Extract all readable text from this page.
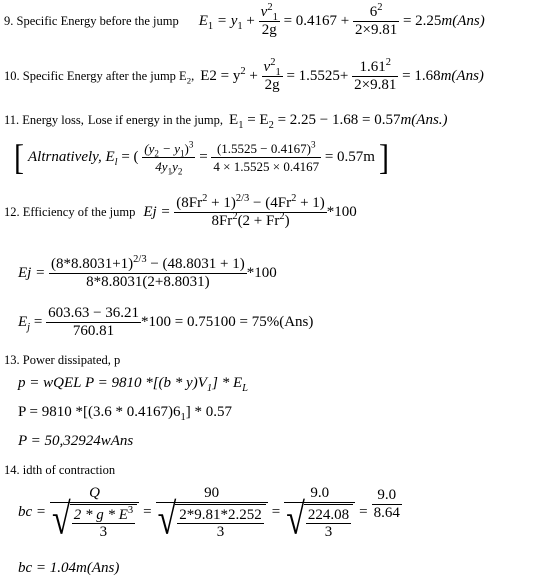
9. Specific Energy before the jump $E_1 = y_1 + \frac{v^2_1}{2g} = 0.4167 + \frac{6^2}{2\times 9.81} = 2.25m(Ans)$
10. Specific Energy after the jump $E_2$, $E2 = y^2 + \frac{v^2_1}{2g} = 1.5525+ \frac{1.61^2}{2\times 9.81} = 1.68m(Ans)$
11. Energy loss, Lose if energy in the jump, $E_1 = E_2 = 2.25 - 1.68 = 0.57m(Ans.)$
[ Altrnatively, $E_l$ = ( $\frac{(y_2 - y_1)^3}{4y_1y_2} = \frac{(1.5525 - 0.4167)^3}{4 \times 1.5525 \times 0.4167} = 0.57m$ ]
12. Efficiency of the jump $Ej = \frac{(8Fr^2 + 1)^{2/3} - (4Fr^2 + 1)}{8Fr^2(2 + Fr^2)} *100$
$Ej = \frac{(8*8.8031+1)^{2/3} - (48.8031 + 1)}{8*8.8031(2+8.8031)} *100$
$E_j = \frac{603.63 - 36.21}{760.81} *100 = 0.75100 = 75\%(Ans)$
13. Power dissipated, p
p = wQEL P = 9810 $*[(b * y)V_1] * E_L$
P = 9810 $*[(3.6 * 0.4167)6_1] * 0.57$
P = 50,32924wAns
14. idth of contraction
bc = $\frac{Q}{√ \frac{2 * g * E^3}{3}} = \frac{90}{√ \frac{2*9.81*2.252}{3}} = \frac{9.0}{√ \frac{224.08}{3}} = \frac{9.0}{8.64}$
bc = 1.04m(Ans)
